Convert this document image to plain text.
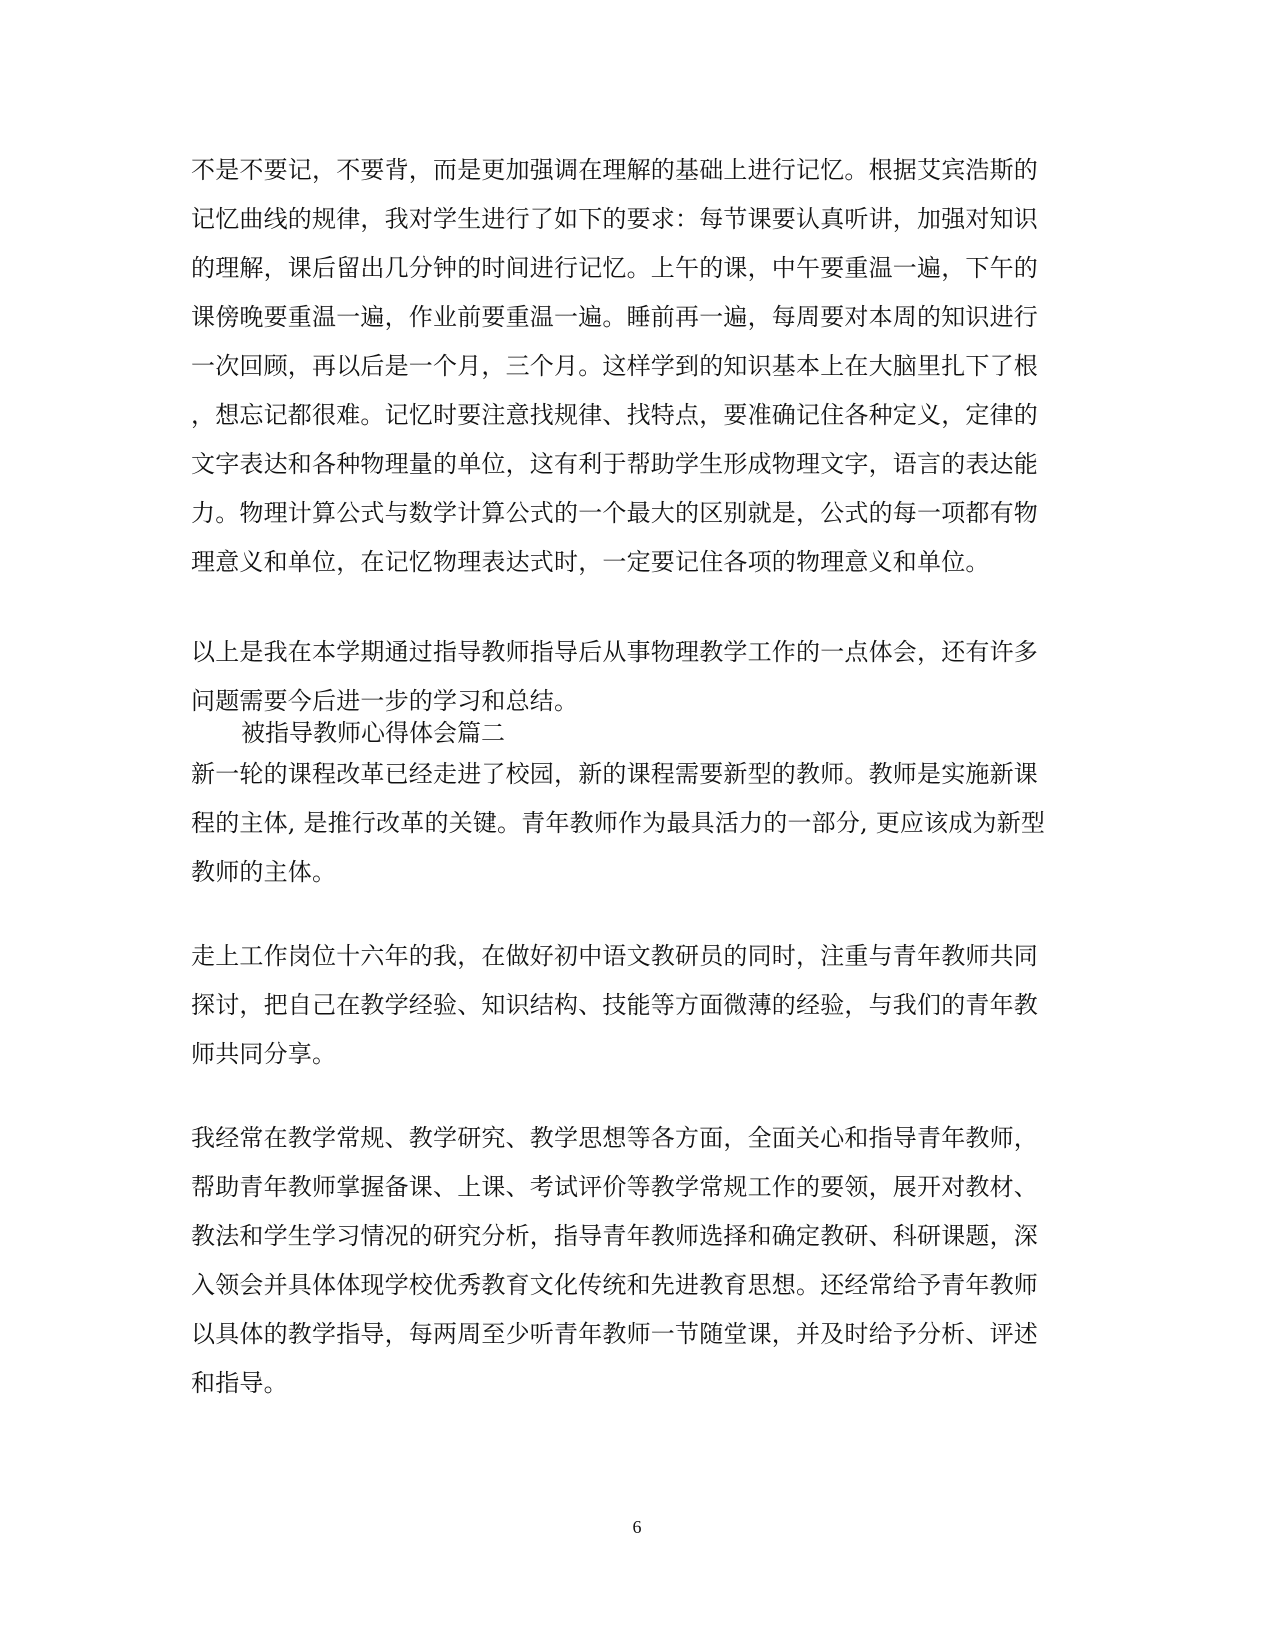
不是不要记，不要背，而是更加强调在理解的基础上进行记忆。根据艾宾浩斯的
记忆曲线的规律，我对学生进行了如下的要求：每节课要认真听讲，加强对知识
的理解，课后留出几分钟的时间进行记忆。上午的课，中午要重温一遍，下午的
课傍晚要重温一遍，作业前要重温一遍。睡前再一遍，每周要对本周的知识进行
一次回顾，再以后是一个月，三个月。这样学到的知识基本上在大脑里扎下了根
，想忘记都很难。记忆时要注意找规律、找特点，要准确记住各种定义，定律的
文字表达和各种物理量的单位，这有利于帮助学生形成物理文字，语言的表达能
力。物理计算公式与数学计算公式的一个最大的区别就是，公式的每一项都有物
理意义和单位，在记忆物理表达式时，一定要记住各项的物理意义和单位。
以上是我在本学期通过指导教师指导后从事物理教学工作的一点体会，还有许多
问题需要今后进一步的学习和总结。
被指导教师心得体会篇二
新一轮的课程改革已经走进了校园，新的课程需要新型的教师。教师是实施新课
程的主体, 是推行改革的关键。青年教师作为最具活力的一部分, 更应该成为新型
教师的主体。
走上工作岗位十六年的我，在做好初中语文教研员的同时，注重与青年教师共同
探讨，把自己在教学经验、知识结构、技能等方面微薄的经验，与我们的青年教
师共同分享。
我经常在教学常规、教学研究、教学思想等各方面，全面关心和指导青年教师，
帮助青年教师掌握备课、上课、考试评价等教学常规工作的要领，展开对教材、
教法和学生学习情况的研究分析，指导青年教师选择和确定教研、科研课题，深
入领会并具体体现学校优秀教育文化传统和先进教育思想。还经常给予青年教师
以具体的教学指导，每两周至少听青年教师一节随堂课，并及时给予分析、评述
和指导。
6
